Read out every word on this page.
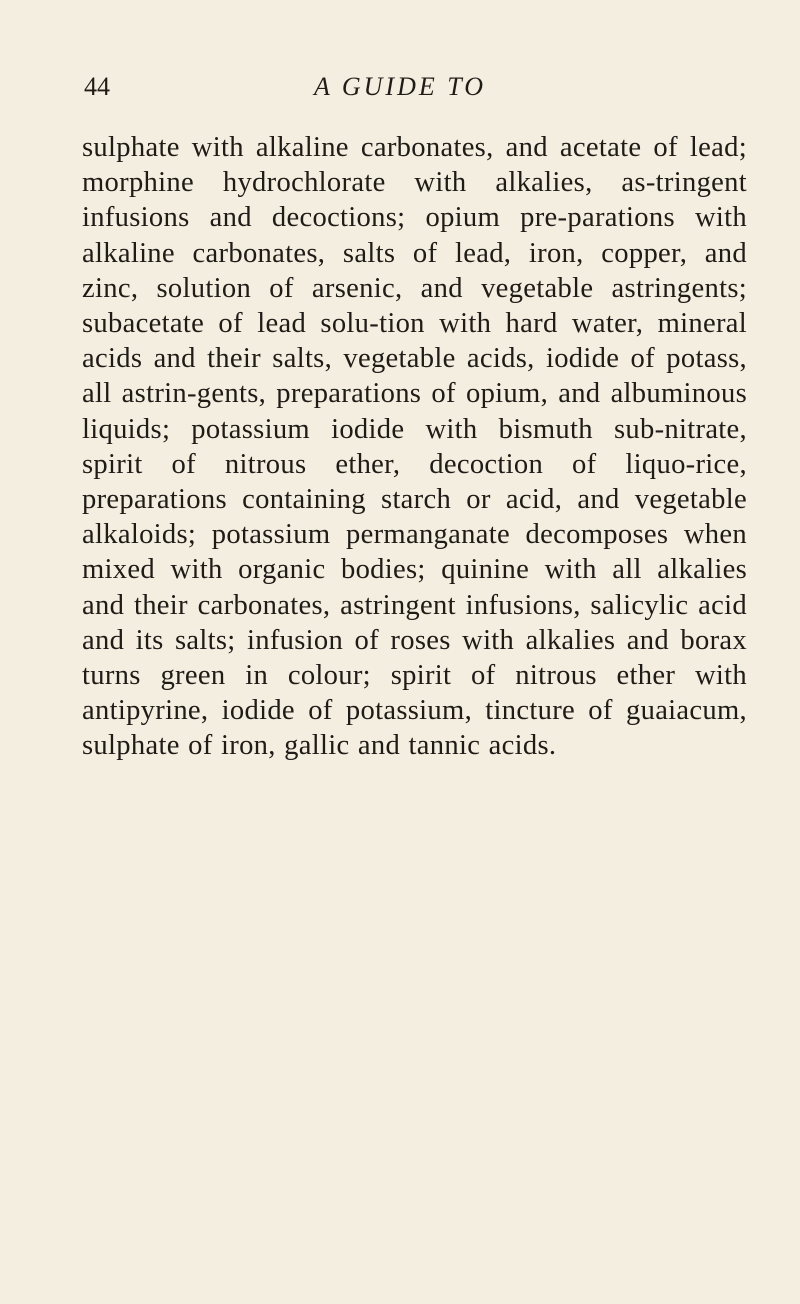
44	A GUIDE TO

sulphate with alkaline carbonates, and acetate of lead; morphine hydrochlorate with alkalies, as-tringent infusions and decoctions; opium pre-parations with alkaline carbonates, salts of lead, iron, copper, and zinc, solution of arsenic, and vegetable astringents; subacetate of lead solu-tion with hard water, mineral acids and their salts, vegetable acids, iodide of potass, all astrin-gents, preparations of opium, and albuminous liquids; potassium iodide with bismuth sub-nitrate, spirit of nitrous ether, decoction of liquo-rice, preparations containing starch or acid, and vegetable alkaloids; potassium permanganate decomposes when mixed with organic bodies; quinine with all alkalies and their carbonates, astringent infusions, salicylic acid and its salts; infusion of roses with alkalies and borax turns green in colour; spirit of nitrous ether with antipyrine, iodide of potassium, tincture of guaiacum, sulphate of iron, gallic and tannic acids.
